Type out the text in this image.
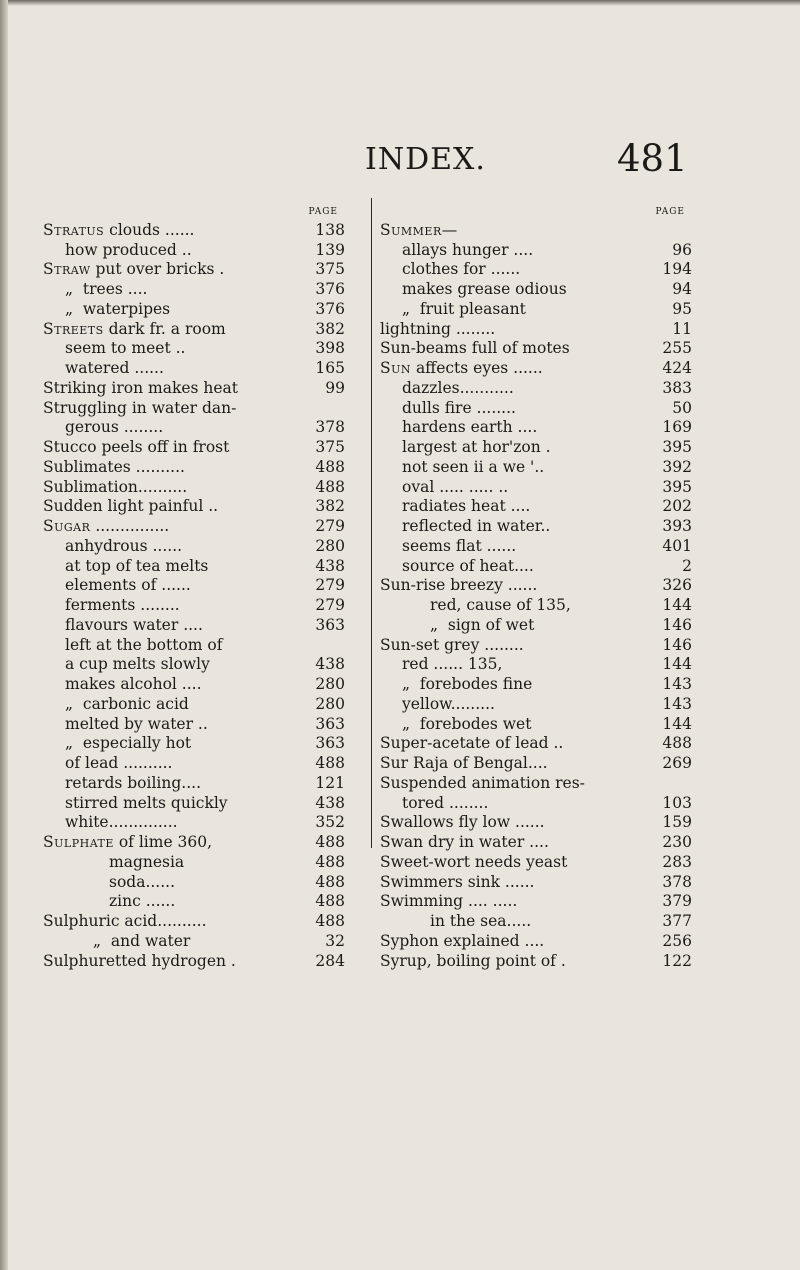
INDEX.	481
PAGE
Stratus clouds ......	138
how produced ..	139
Straw put over bricks .	375
„  trees ....	376
„  waterpipes	376
Streets dark fr. a room	382
seem to meet ..	398
watered ......	165
Striking iron makes heat	99
Struggling in water dan-
gerous ........	378
Stucco peels off in frost	375
Sublimates ..........	488
Sublimation..........	488
Sudden light painful ..	382
Sugar ...............	279
anhydrous ......	280
at top of tea melts	438
elements of ......	279
ferments ........	279
flavours water ....	363
left at the bottom of
a cup melts slowly	438
makes alcohol ....	280
„  carbonic acid	280
melted by water ..	363
„  especially hot	363
of lead ..........	488
retards boiling....	121
stirred melts quickly	438
white..............	352
Sulphate of lime 360,	488
magnesia	488
soda......	488
zinc ......	488
Sulphuric acid..........	488
„  and water	32
Sulphuretted hydrogen .	284
PAGE
Summer—
allays hunger ....	96
clothes for ......	194
makes grease odious	94
„  fruit pleasant	95
lightning ........	11
Sun-beams full of motes	255
Sun affects eyes ......	424
dazzles...........	383
dulls fire ........	50
hardens earth ....	169
largest at hor'zon .	395
not seen ii a we '..	392
oval ..... ..... ..	395
radiates heat ....	202
reflected in water..	393
seems flat ......	401
source of heat....	2
Sun-rise breezy ......	326
red, cause of 135,	144
„  sign of wet	146
Sun-set grey ........	146
red ...... 135,	144
„  forebodes fine	143
yellow.........	143
„  forebodes wet	144
Super-acetate of lead ..	488
Sur Raja of Bengal....	269
Suspended animation res-
tored ........	103
Swallows fly low ......	159
Swan dry in water ....	230
Sweet-wort needs yeast	283
Swimmers sink ......	378
Swimming .... .....	379
in the sea.....	377
Syphon explained ....	256
Syrup, boiling point of .	122
